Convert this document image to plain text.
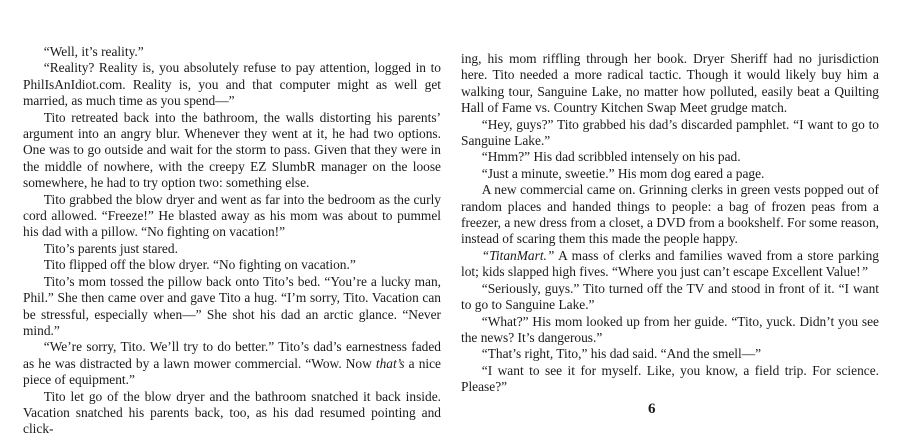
“Well, it’s reality.”

“Reality? Reality is, you absolutely refuse to pay attention, logged in to PhilIsAnIdiot.com. Reality is, you and that computer might as well get married, as much time as you spend—”

Tito retreated back into the bathroom, the walls distorting his parents’ argument into an angry blur. Whenever they went at it, he had two options. One was to go outside and wait for the storm to pass. Given that they were in the middle of nowhere, with the creepy EZ SlumbR manager on the loose somewhere, he had to try option two: something else.

Tito grabbed the blow dryer and went as far into the bedroom as the curly cord allowed. “Freeze!” He blasted away as his mom was about to pummel his dad with a pillow. “No fighting on vacation!”

Tito’s parents just stared.

Tito flipped off the blow dryer. “No fighting on vacation.”

Tito’s mom tossed the pillow back onto Tito’s bed. “You’re a lucky man, Phil.” She then came over and gave Tito a hug. “I’m sorry, Tito. Vacation can be stressful, especially when—” She shot his dad an arctic glance. “Never mind.”

“We’re sorry, Tito. We’ll try to do better.” Tito’s dad’s earnestness faded as he was distracted by a lawn mower commercial. “Wow. Now that’s a nice piece of equipment.”

Tito let go of the blow dryer and the bathroom snatched it back inside. Vacation snatched his parents back, too, as his dad resumed pointing and click-

ing, his mom riffling through her book. Dryer Sheriff had no jurisdiction here. Tito needed a more radical tactic. Though it would likely buy him a walking tour, Sanguine Lake, no matter how polluted, easily beat a Quilting Hall of Fame vs. Country Kitchen Swap Meet grudge match.

“Hey, guys?” Tito grabbed his dad’s discarded pamphlet. “I want to go to Sanguine Lake.”

“Hmm?” His dad scribbled intensely on his pad.

“Just a minute, sweetie.” His mom dog eared a page.

A new commercial came on. Grinning clerks in green vests popped out of random places and handed things to people: a bag of frozen peas from a freezer, a new dress from a closet, a DVD from a bookshelf. For some reason, instead of scaring them this made the people happy.

“TitanMart.” A mass of clerks and families waved from a store parking lot; kids slapped high fives. “Where you just can’t escape Excellent Value!”

“Seriously, guys.” Tito turned off the TV and stood in front of it. “I want to go to Sanguine Lake.”

“What?” His mom looked up from her guide. “Tito, yuck. Didn’t you see the news? It’s dangerous.”

“That’s right, Tito,” his dad said. “And the smell—”

“I want to see it for myself. Like, you know, a field trip. For science. Please?”

6
